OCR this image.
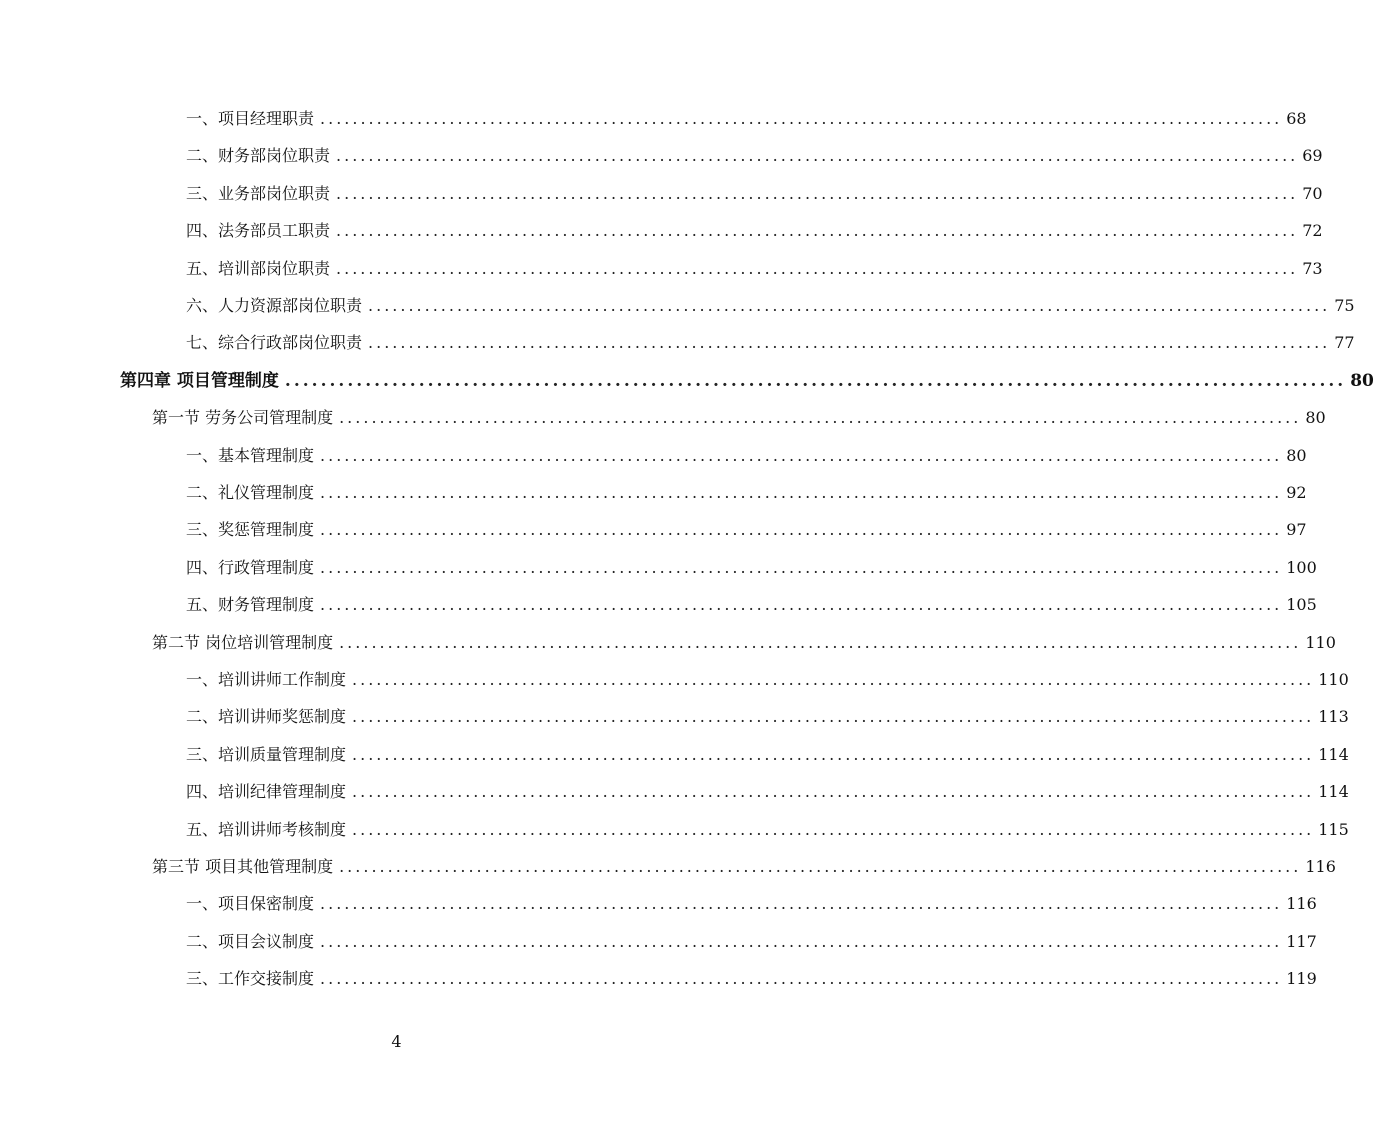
一、项目经理职责 ....................................................................................................................... 68
二、财务部岗位职责 ....................................................................................................................... 69
三、业务部岗位职责 ....................................................................................................................... 70
四、法务部员工职责 ....................................................................................................................... 72
五、培训部岗位职责 ....................................................................................................................... 73
六、人力资源部岗位职责 ....................................................................................................................... 75
七、综合行政部岗位职责 ....................................................................................................................... 77
第四章 项目管理制度 ....................................................................................................................... 80
第一节 劳务公司管理制度 ....................................................................................................................... 80
一、基本管理制度 ....................................................................................................................... 80
二、礼仪管理制度 ....................................................................................................................... 92
三、奖惩管理制度 ....................................................................................................................... 97
四、行政管理制度 ....................................................................................................................... 100
五、财务管理制度 ....................................................................................................................... 105
第二节 岗位培训管理制度 ....................................................................................................................... 110
一、培训讲师工作制度 ....................................................................................................................... 110
二、培训讲师奖惩制度 ....................................................................................................................... 113
三、培训质量管理制度 ....................................................................................................................... 114
四、培训纪律管理制度 ....................................................................................................................... 114
五、培训讲师考核制度 ....................................................................................................................... 115
第三节 项目其他管理制度 ....................................................................................................................... 116
一、项目保密制度 ....................................................................................................................... 116
二、项目会议制度 ....................................................................................................................... 117
三、工作交接制度 ....................................................................................................................... 119
4
